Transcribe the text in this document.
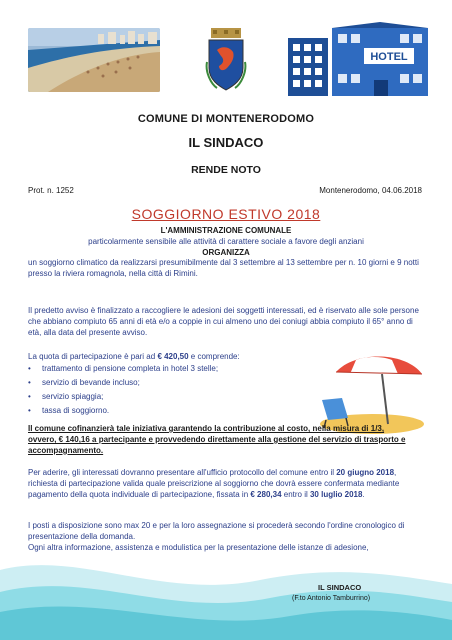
HOTEL
COMUNE DI MONTENERODOMO
IL SINDACO
RENDE NOTO
Prot. n. 1252	Montenerodomo, 04.06.2018
SOGGIORNO ESTIVO 2018
L'AMMINISTRAZIONE COMUNALE
particolarmente sensibile alle attività di carattere sociale a favore degli anziani
ORGANIZZA
un soggiorno climatico da realizzarsi presumibilmente dal 3 settembre al 13 settembre per n. 10 giorni e 9 notti presso la riviera romagnola, nella città di Rimini.
Il predetto avviso è finalizzato a raccogliere le adesioni dei soggetti interessati, ed è riservato alle sole persone che abbiano compiuto 65 anni di età e/o a coppie in cui almeno uno dei coniugi abbia compiuto il 65° anno di età, alla data del presente avviso.
La quota di partecipazione è pari ad € 420,50 e comprende:
• trattamento di pensione completa in hotel 3 stelle;
• servizio di bevande incluso;
• servizio spiaggia;
• tassa di soggiorno.
Il comune cofinanzierà tale iniziativa garantendo la contribuzione al costo, nella misura di 1/3, ovvero, € 140,16 a partecipante e provvedendo direttamente alla gestione del servizio di trasporto e accompagnamento.
Per aderire, gli interessati dovranno presentare all'ufficio protocollo del comune entro il 20 giugno 2018, richiesta di partecipazione valida quale preiscrizione al soggiorno che dovrà essere confermata mediante pagamento della quota individuale di partecipazione, fissata in € 280,34 entro il 30 luglio 2018.
I posti a disposizione sono max 20 e per la loro assegnazione si procederà secondo l'ordine cronologico di presentazione della domanda.
Ogni altra informazione, assistenza e modulistica per la presentazione delle istanze di adesione,
IL SINDACO
(F.to Antonio Tamburrino)
